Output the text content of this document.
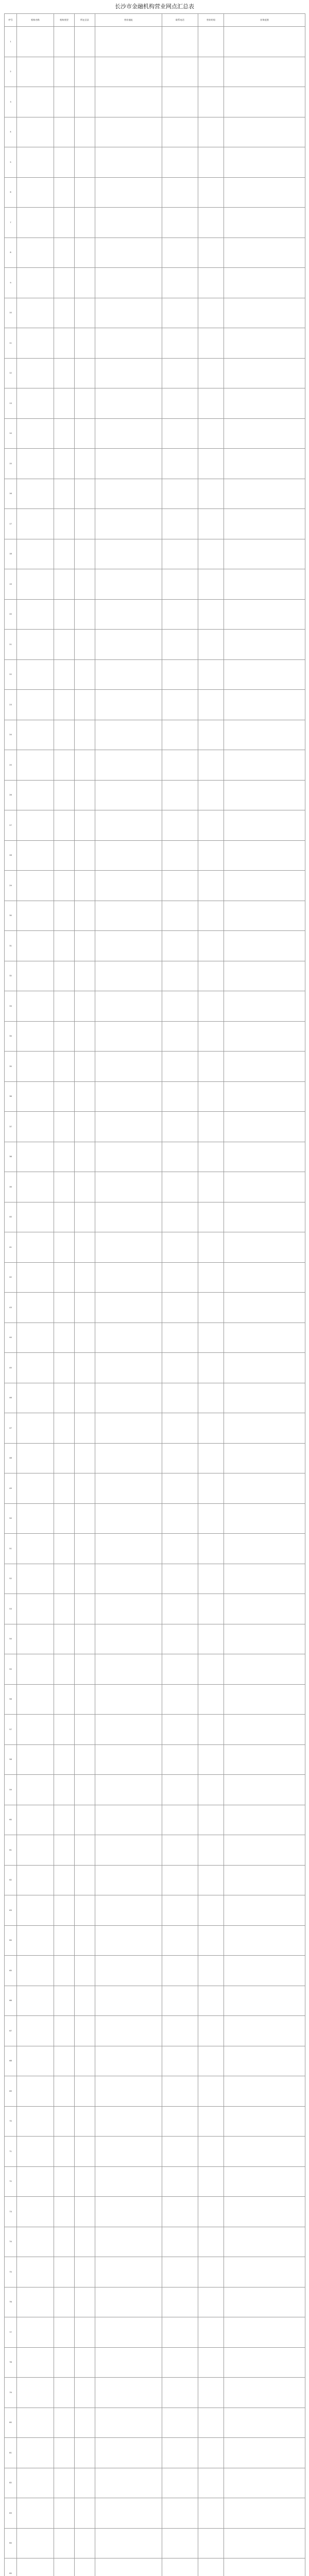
长沙市金融机构营业网点汇总表
序号	机构名称	机构类型	所在区县	营业地址	联系电话	营业时间	业务范围
1							
2							
3							
4							
5							
6							
7							
8							
9							
10							
11							
12							
13							
14							
15							
16							
17							
18							
19							
20							
21							
22							
23							
24							
25							
26							
27							
28							
29							
30							
31							
32							
33							
34							
35							
36							
37							
38							
39							
40							
41							
42							
43							
44							
45							
46							
47							
48							
49							
50							
51							
52							
53							
54							
55							
56							
57							
58							
59							
60							
61							
62							
63							
64							
65							
66							
67							
68							
69							
70							
71							
72							
73							
74							
75							
76							
77							
78							
79							
80							
81							
82							
83							
84							
85							
